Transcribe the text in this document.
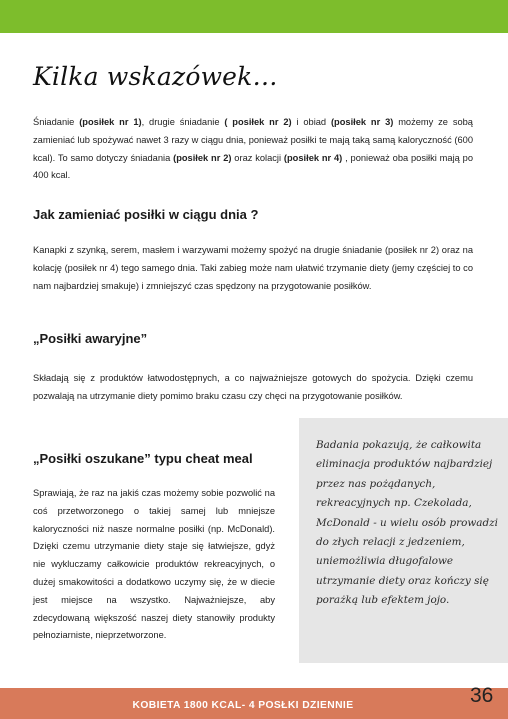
Kilka wskazówek…

Śniadanie (posiłek nr 1), drugie śniadanie ( posiłek nr 2) i obiad (posiłek nr 3) możemy ze sobą zamieniać lub spożywać nawet 3 razy w ciągu dnia, ponieważ posiłki te mają taką samą kaloryczność (600 kcal). To samo dotyczy śniadania (posiłek nr 2) oraz kolacji (posiłek nr 4) , ponieważ oba posiłki mają po 400 kcal.

Jak zamieniać posiłki w ciągu dnia ?

Kanapki z szynką, serem, masłem i warzywami możemy spożyć na drugie śniadanie (posiłek nr 2) oraz na kolację (posiłek nr 4) tego samego dnia. Taki zabieg może nam ułatwić trzymanie diety (jemy częściej to co nam najbardziej smakuje) i zmniejszyć czas spędzony na przygotowanie posiłków.

„Posiłki awaryjne”

Składają się z produktów łatwodostępnych, a co najważniejsze gotowych do spożycia. Dzięki czemu pozwalają na utrzymanie diety pomimo braku czasu czy chęci na przygotowanie posiłków.

„Posiłki oszukane” typu cheat meal

Sprawiają, że raz na jakiś czas możemy sobie pozwolić na coś przetworzonego o takiej samej lub mniejsze kaloryczności niż nasze normalne posiłki (np. McDonald). Dzięki czemu utrzymanie diety staje się łatwiejsze, gdyż nie wykluczamy całkowicie produktów rekreacyjnych, o dużej smakowitości a dodatkowo uczymy się, że w diecie jest miejsce na wszystko. Najważniejsze, aby zdecydowaną większość naszej diety stanowiły produkty pełnoziarniste, nieprzetworzone.

Badania pokazują, że całkowita eliminacja produktów najbardziej przez nas pożądanych, rekreacyjnych np. Czekolada, McDonald - u wielu osób prowadzi do złych relacji z jedzeniem, uniemożliwia długofalowe utrzymanie diety oraz kończy się porażką lub efektem jojo.

KOBIETA 1800 KCAL- 4 POSŁKI DZIENNIE	36
